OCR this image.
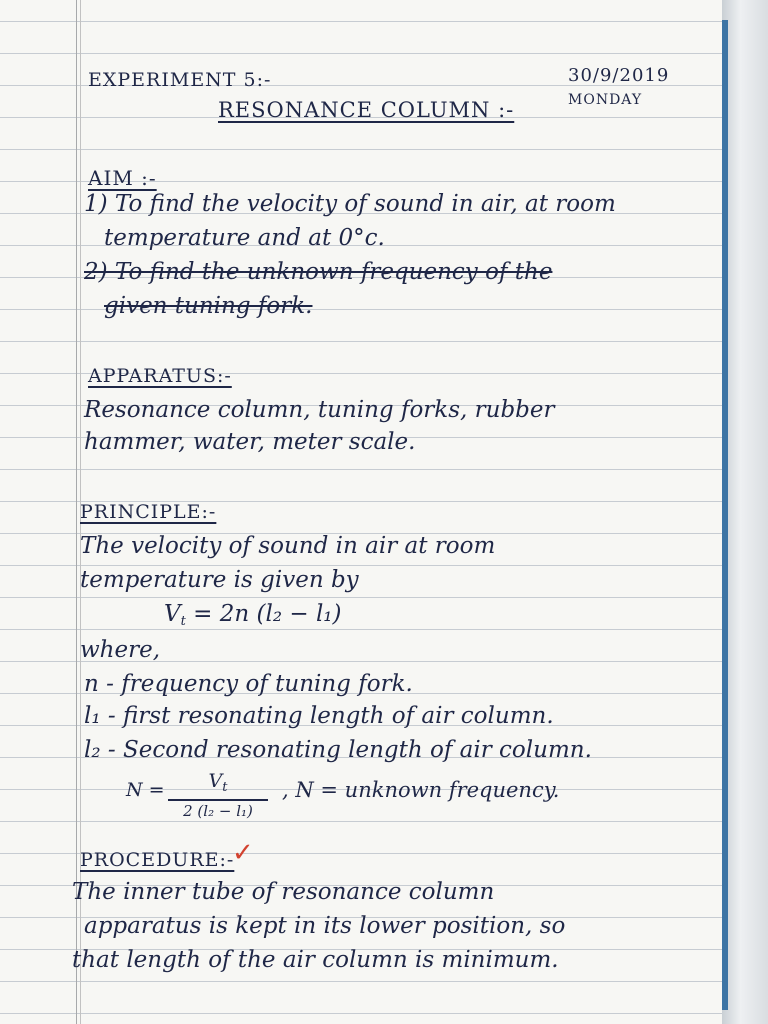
EXPERIMENT 5:-	30/9/2019
MONDAY
RESONANCE COLUMN :-
AIM :-
1) To find the velocity of sound in air, at room
temperature and at 0°c.
2) To find the unknown frequency of the
given tuning fork.
APPARATUS:-
Resonance column, tuning forks, rubber
hammer, water, meter scale.
PRINCIPLE:-
The velocity of sound in air at room
temperature is given by
$V_t = 2n$ (l₂ − l₁)
where,
n - frequency of tuning fork.
l₁ - first resonating length of air column.
l₂ - Second resonating length of air column.
$N = V_t$
2 (l₂ − l₁)
, N = unknown frequency.
PROCEDURE:-
✓
The inner tube of resonance column
apparatus is kept in its lower position, so
that length of the air column is minimum.
